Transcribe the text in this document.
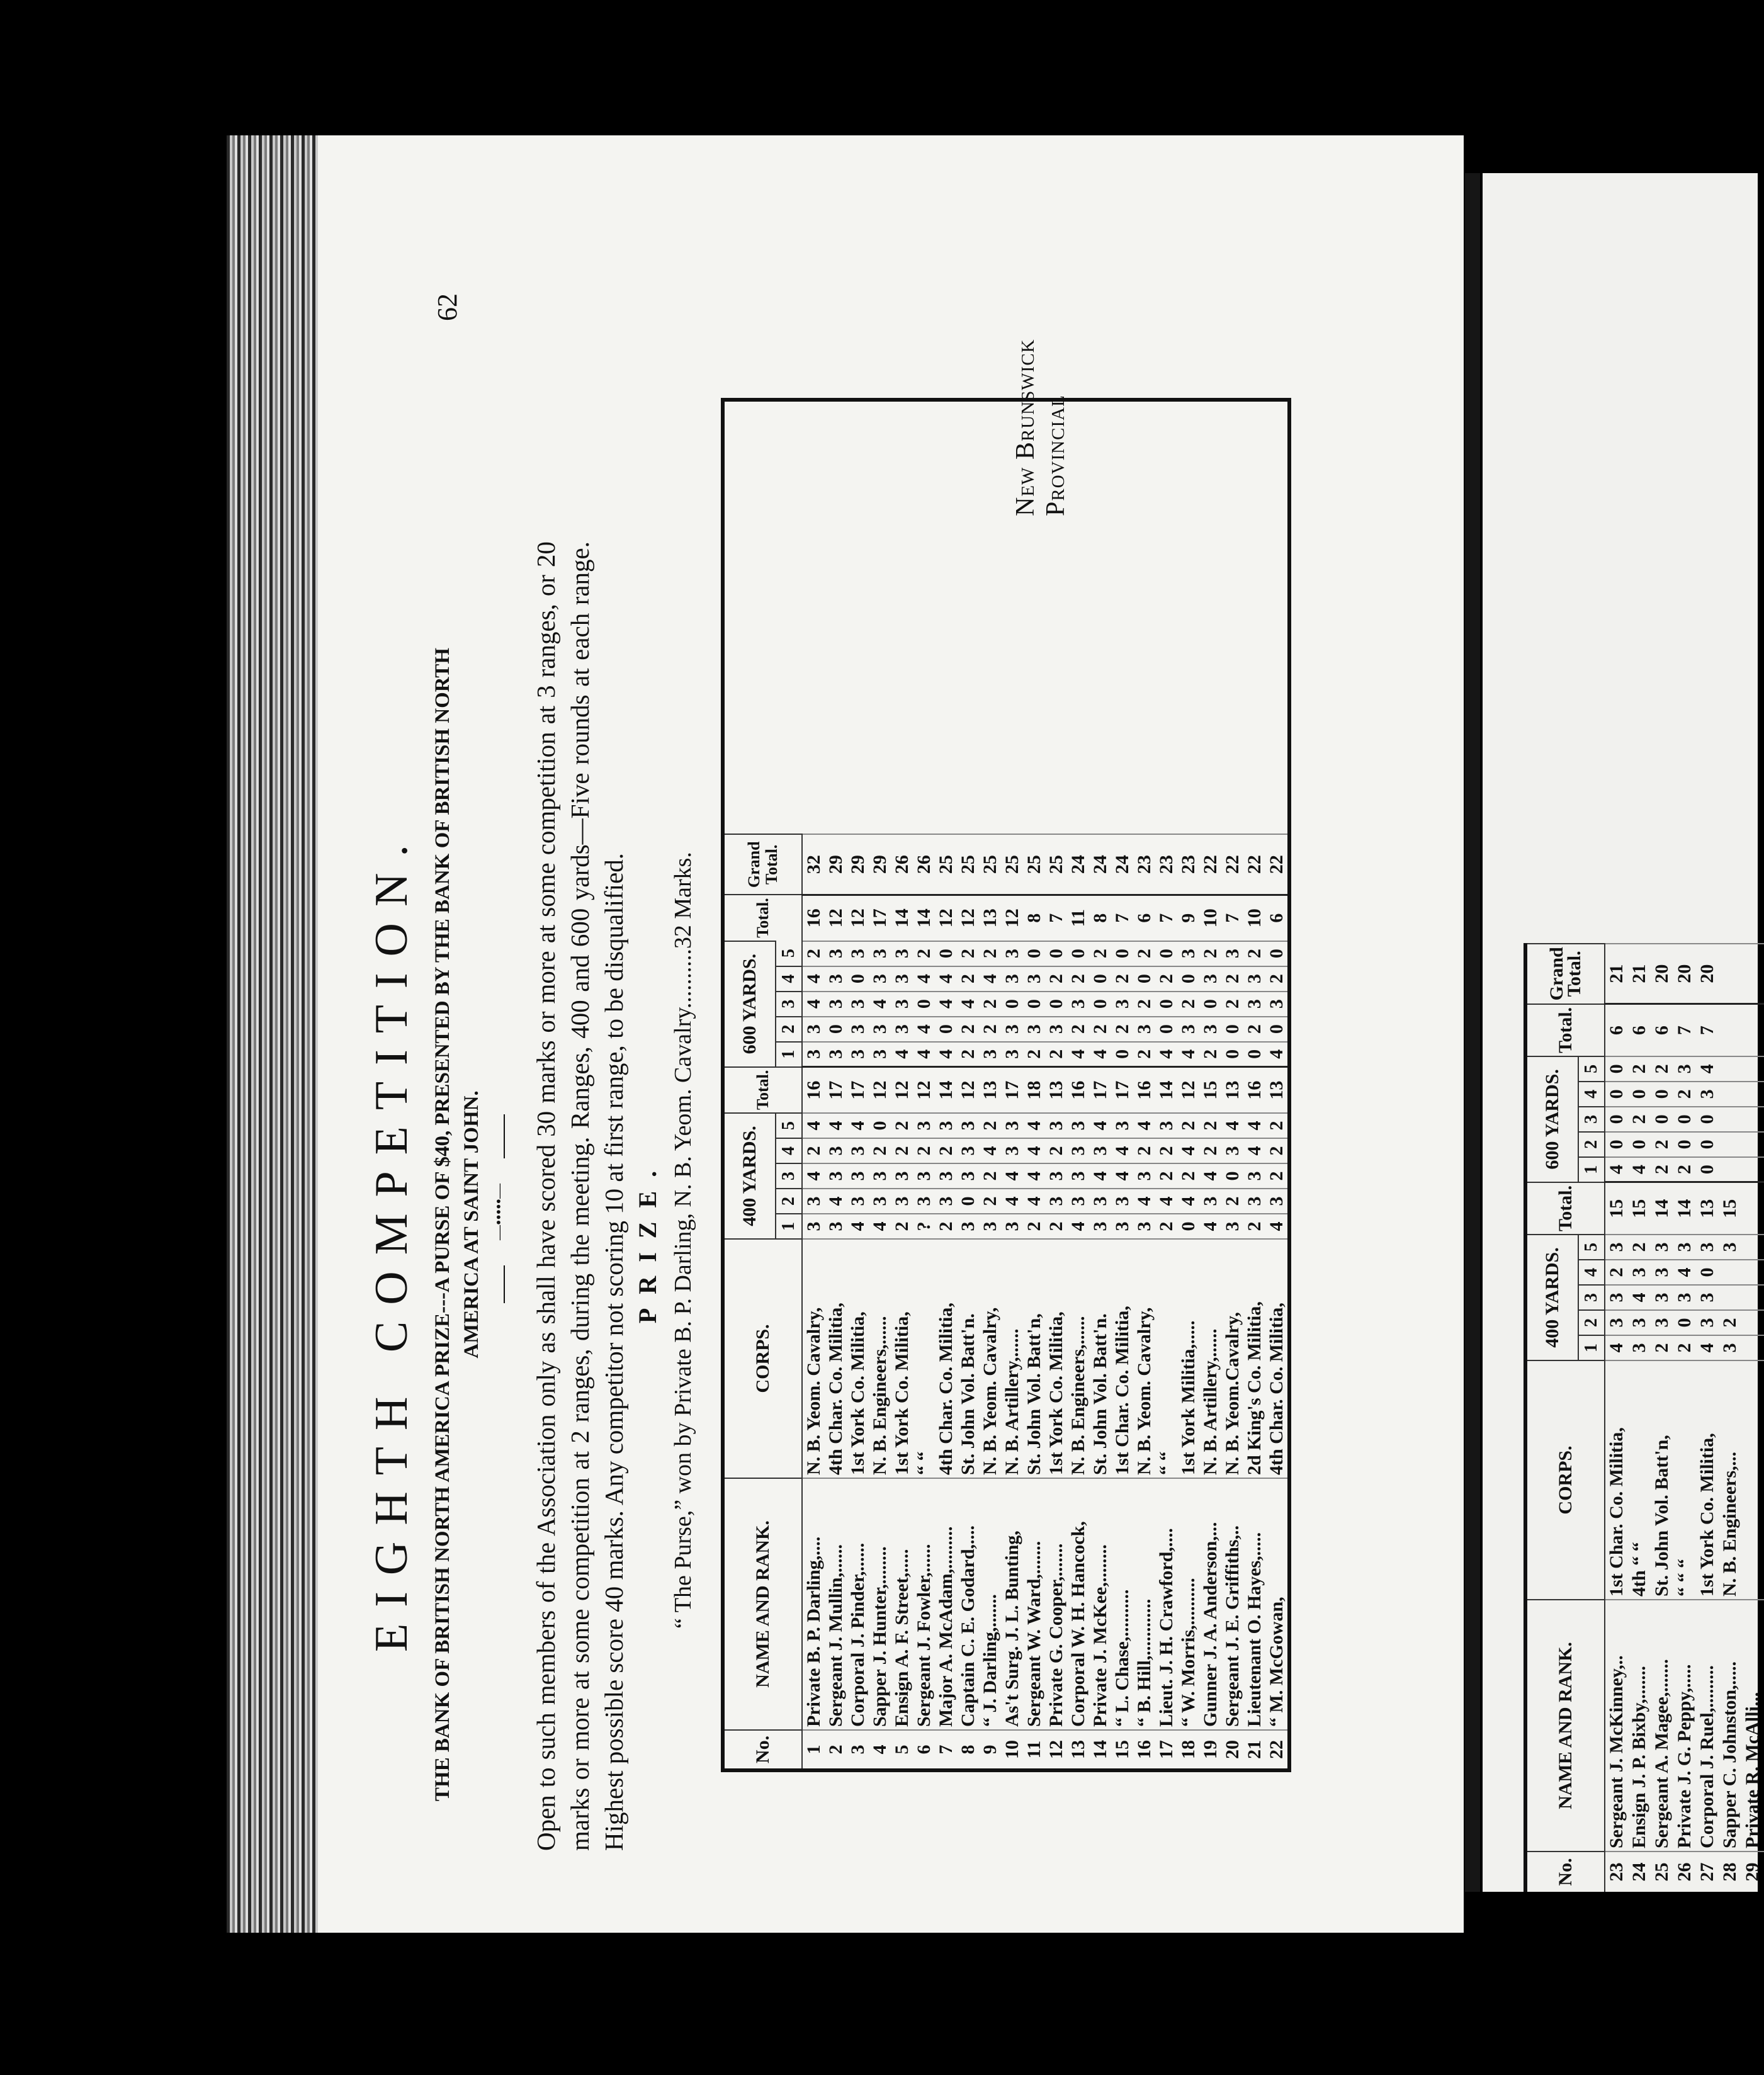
62
New Brunswick Provincial
EIGHTH COMPETITION. THE BANK OF BRITISH NORTH AMERICA PRIZE---A PURSE OF $40, PRESENTED BY THE BANK OF BRITISH NORTH AMERICA AT SAINT JOHN. —•••••— Open to such members of the Association only as shall have scored 30 marks or more at some competition at 3 ranges, or 20 marks or more at some competition at 2 ranges, during the meeting. Ranges, 400 and 600 yards—Five rounds at each range. Highest possible score 40 marks. Any competitor not scoring 10 at first range, to be disqualified. PRIZE. “ The Purse,” won by Private B. P. Darling, N. B. Yeom. Cavalry..........32 Marks.
No.	NAME AND RANK.	CORPS.	400 YARDS.					Total.	600 YARDS.					Total.	Grand Total.	
			1	2	3	4	5		1	2	3	4	5			
1	Private B. P. Darling,....	N. B. Yeom. Cavalry,	3	3	4	2	4	16	3	3	4	4	2	16	32	
2	Sergeant J. Mullin,......	4th Char. Co. Militia,	3	4	3	3	4	17	3	0	3	3	3	12	29	
3	Corporal J. Pinder,......	1st York Co. Militia,	4	3	3	3	4	17	3	3	3	0	3	12	29	
4	Sapper J. Hunter,........	N. B. Engineers,......	4	3	3	2	0	12	3	3	4	3	3	17	29	
5	Ensign A. F. Street,.....	1st York Co. Militia,	2	3	3	2	2	12	4	3	3	3	3	14	26	
6	Sergeant J. Fowler,......	“ “	?	3	3	2	3	12	4	4	0	4	2	14	26	
7	Major A. McAdam,.........	4th Char. Co. Militia,	2	3	3	2	3	14	4	0	4	4	0	12	25	
8	Captain C. E. Godard,....	St. John Vol. Batt'n.	3	0	3	3	3	12	2	2	4	2	2	12	25	
9	“ J. Darling,.......	N. B. Yeom. Cavalry,	3	2	2	4	2	13	3	2	2	4	2	13	25	
10	As't Surg. J. L. Bunting,	N. B. Artillery,......	3	4	4	3	3	17	3	3	0	3	3	12	25	
11	Sergeant W. Ward,.......	St. John Vol. Batt'n,	2	4	4	4	4	18	2	3	0	3	0	8	25	
12	Private G. Cooper,.......	1st York Co. Militia,	2	3	3	2	3	13	2	3	0	2	0	7	25	
13	Corporal W. H. Hancock,	N. B. Engineers,......	4	3	3	3	3	16	4	2	3	2	0	11	24	
14	Private J. McKee,........	St. John Vol. Batt'n.	3	3	4	3	4	17	4	2	0	0	2	8	24	
15	“ L. Chase,..........	1st Char. Co. Militia,	3	3	4	4	3	17	0	2	3	2	0	7	24	
16	“ B. Hill,............	N. B. Yeom. Cavalry,	3	4	3	2	4	16	2	3	2	0	2	6	23	
17	Lieut. J. H. Crawford,....	“ “	2	4	2	2	3	14	4	0	0	2	0	7	23	
18	“ W. Morris,..........	1st York Militia,.....	0	4	2	4	2	12	4	3	2	0	3	9	23	
19	Gunner J. A. Anderson,...	N. B. Artillery,......	4	3	4	2	2	15	2	3	0	3	2	10	22	
20	Sergeant J. E. Griffiths,..	N. B. Yeom.Cavalry,	3	2	0	3	4	13	0	0	2	2	3	7	22	
21	Lieutenant O. Hayes,.....	2d King's Co. Militia,	2	3	3	4	4	16	0	2	3	3	2	10	22	
22	“ M. McGowan,	4th Char. Co. Militia,	4	3	2	2	2	13	4	0	3	2	0	6	22	
No.	NAME AND RANK.	CORPS.	400 YARDS.					Total.	600 YARDS.					Total.	Grand Total.
			1	2	3	4	5		1	2	3	4	5		
23	Sergeant J. McKinney,..	1st Char. Co. Militia,	4	3	3	2	3	15	4	0	0	0	0	6	21
24	Ensign J. P. Bixby,.......	4th “ “	3	3	4	3	2	15	4	0	2	0	2	6	21
25	Sergeant A. Magee,.......	St. John Vol. Batt'n,	2	3	3	3	3	14	2	2	0	0	2	6	20
26	Private J. G. Peppy,.....	“ “ “	2	0	3	4	3	14	2	0	0	2	3	7	20
27	Corporal J. Ruel,.........	1st York Co. Militia,	4	3	3	0	3	13	0	0	0	3	4	7	20
28	Sapper C. Johnston,.....	N. B. Engineers,...	3	2			3	15							
29	Private R. McAlli...														
